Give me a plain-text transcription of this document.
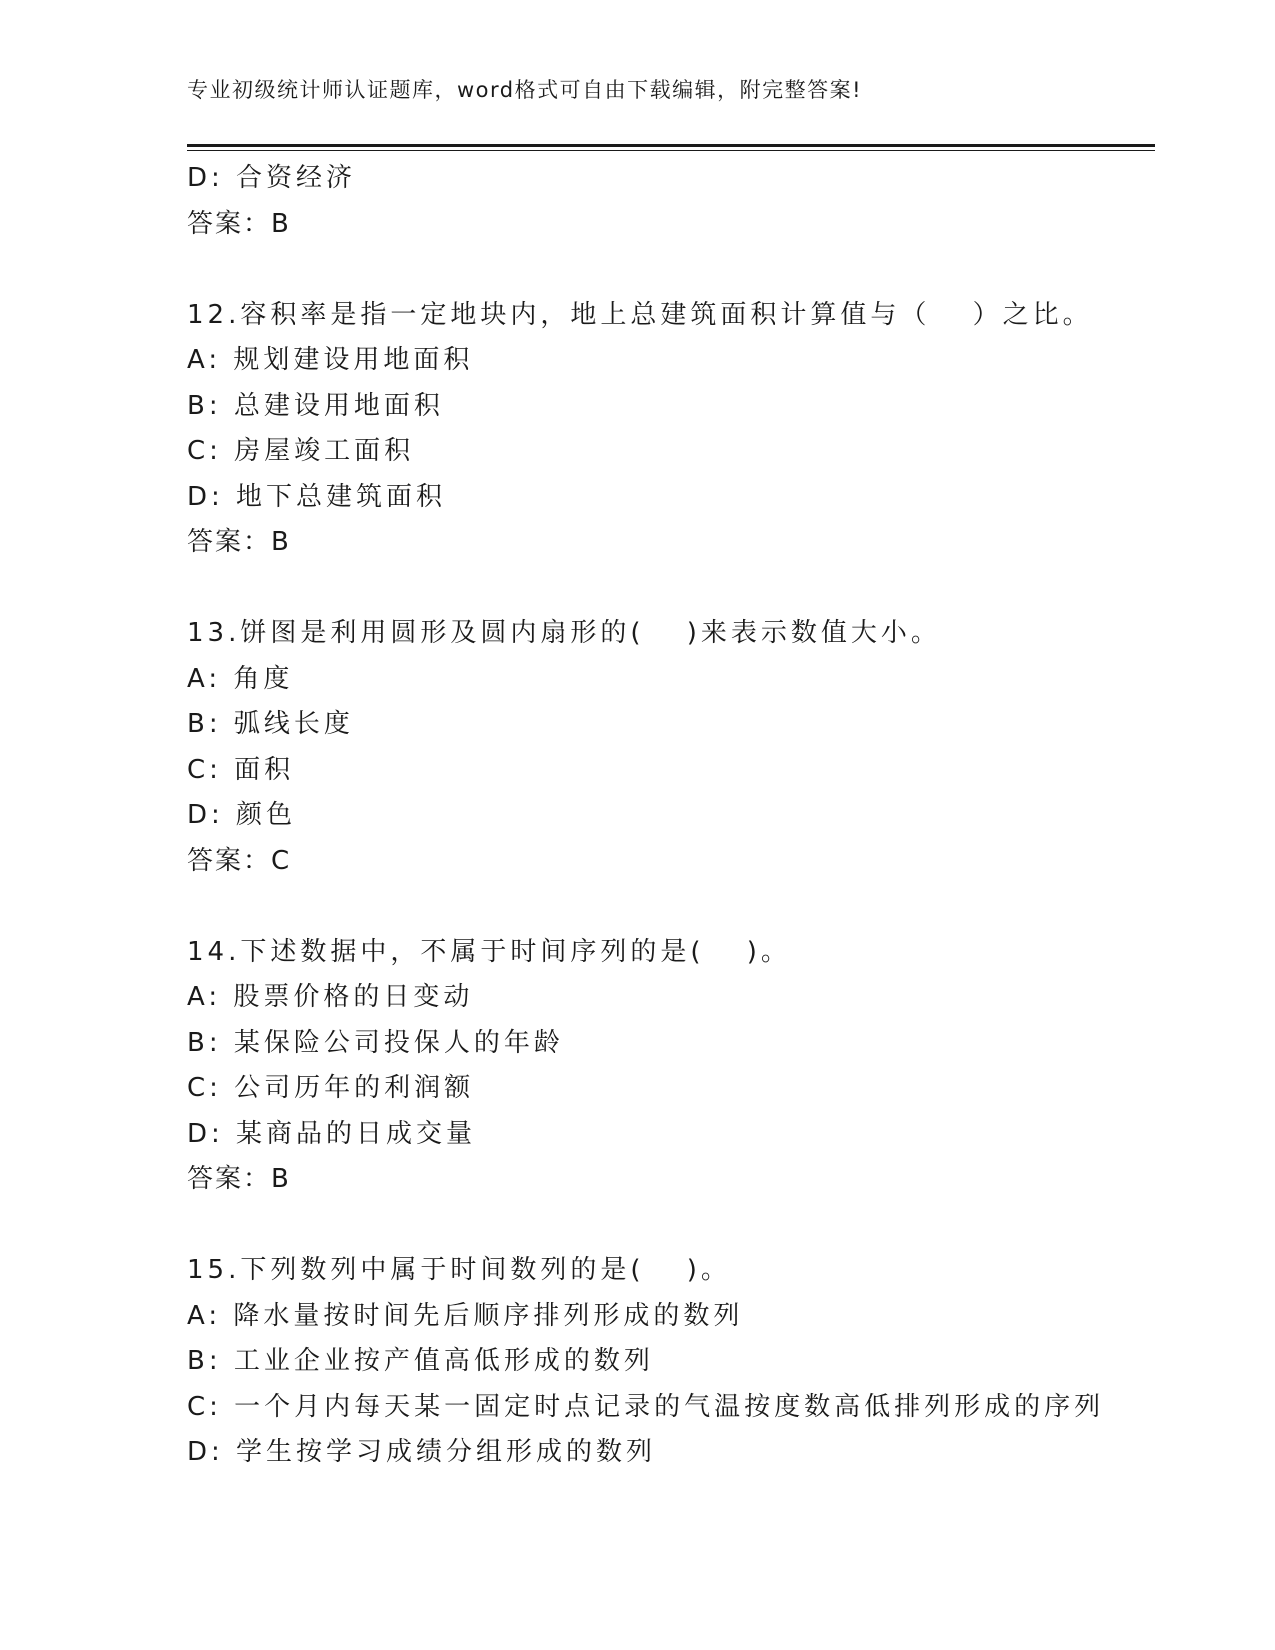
专业初级统计师认证题库，word格式可自由下载编辑，附完整答案!
D: 合资经济
答案：B
12.容积率是指一定地块内，地上总建筑面积计算值与（　 ）之比。
A: 规划建设用地面积
B: 总建设用地面积
C: 房屋竣工面积
D: 地下总建筑面积
答案：B
13.饼图是利用圆形及圆内扇形的(　 )来表示数值大小。
A: 角度
B: 弧线长度
C: 面积
D: 颜色
答案：C
14.下述数据中，不属于时间序列的是(　 )。
A: 股票价格的日变动
B: 某保险公司投保人的年龄
C: 公司历年的利润额
D: 某商品的日成交量
答案：B
15.下列数列中属于时间数列的是(　 )。
A: 降水量按时间先后顺序排列形成的数列
B: 工业企业按产值高低形成的数列
C: 一个月内每天某一固定时点记录的气温按度数高低排列形成的序列
D: 学生按学习成绩分组形成的数列
